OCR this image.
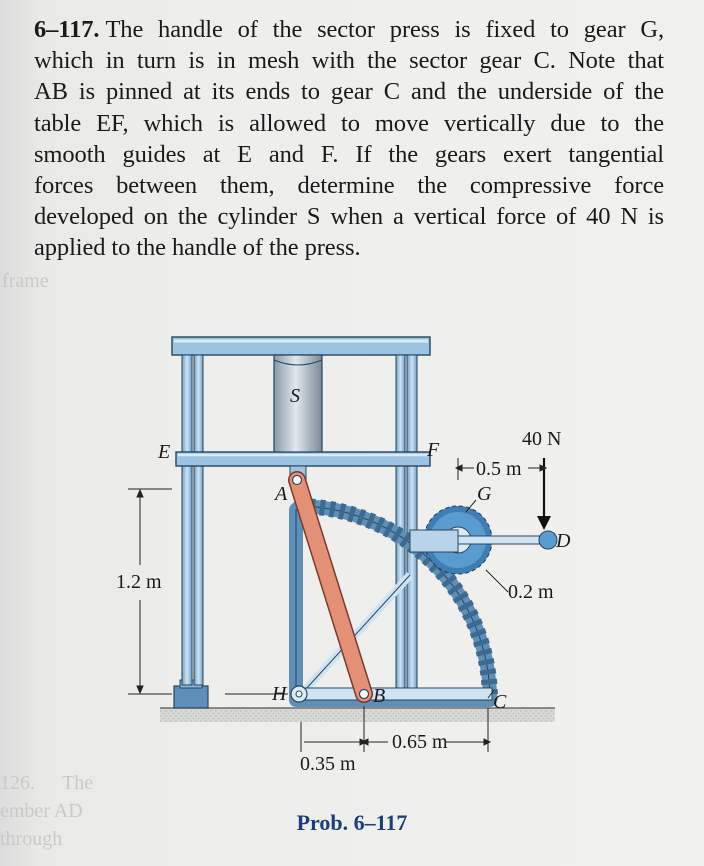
6–117. The handle of the sector press is fixed to gear G,
which in turn is in mesh with the sector gear C. Note that
AB is pinned at its ends to gear C and the underside of the
table EF, which is allowed to move vertically due to the
smooth guides at E and F. If the gears exert tangential
forces between them, determine the compressive force
developed on the cylinder S when a vertical force of 40 N is
applied to the handle of the press.
frame
126. The
ember AD
through
S
E	F
A	G
D
H	B	C
40 N
0.5 m
0.2 m
1.2 m
0.35 m
0.65 m
Prob. 6–117
